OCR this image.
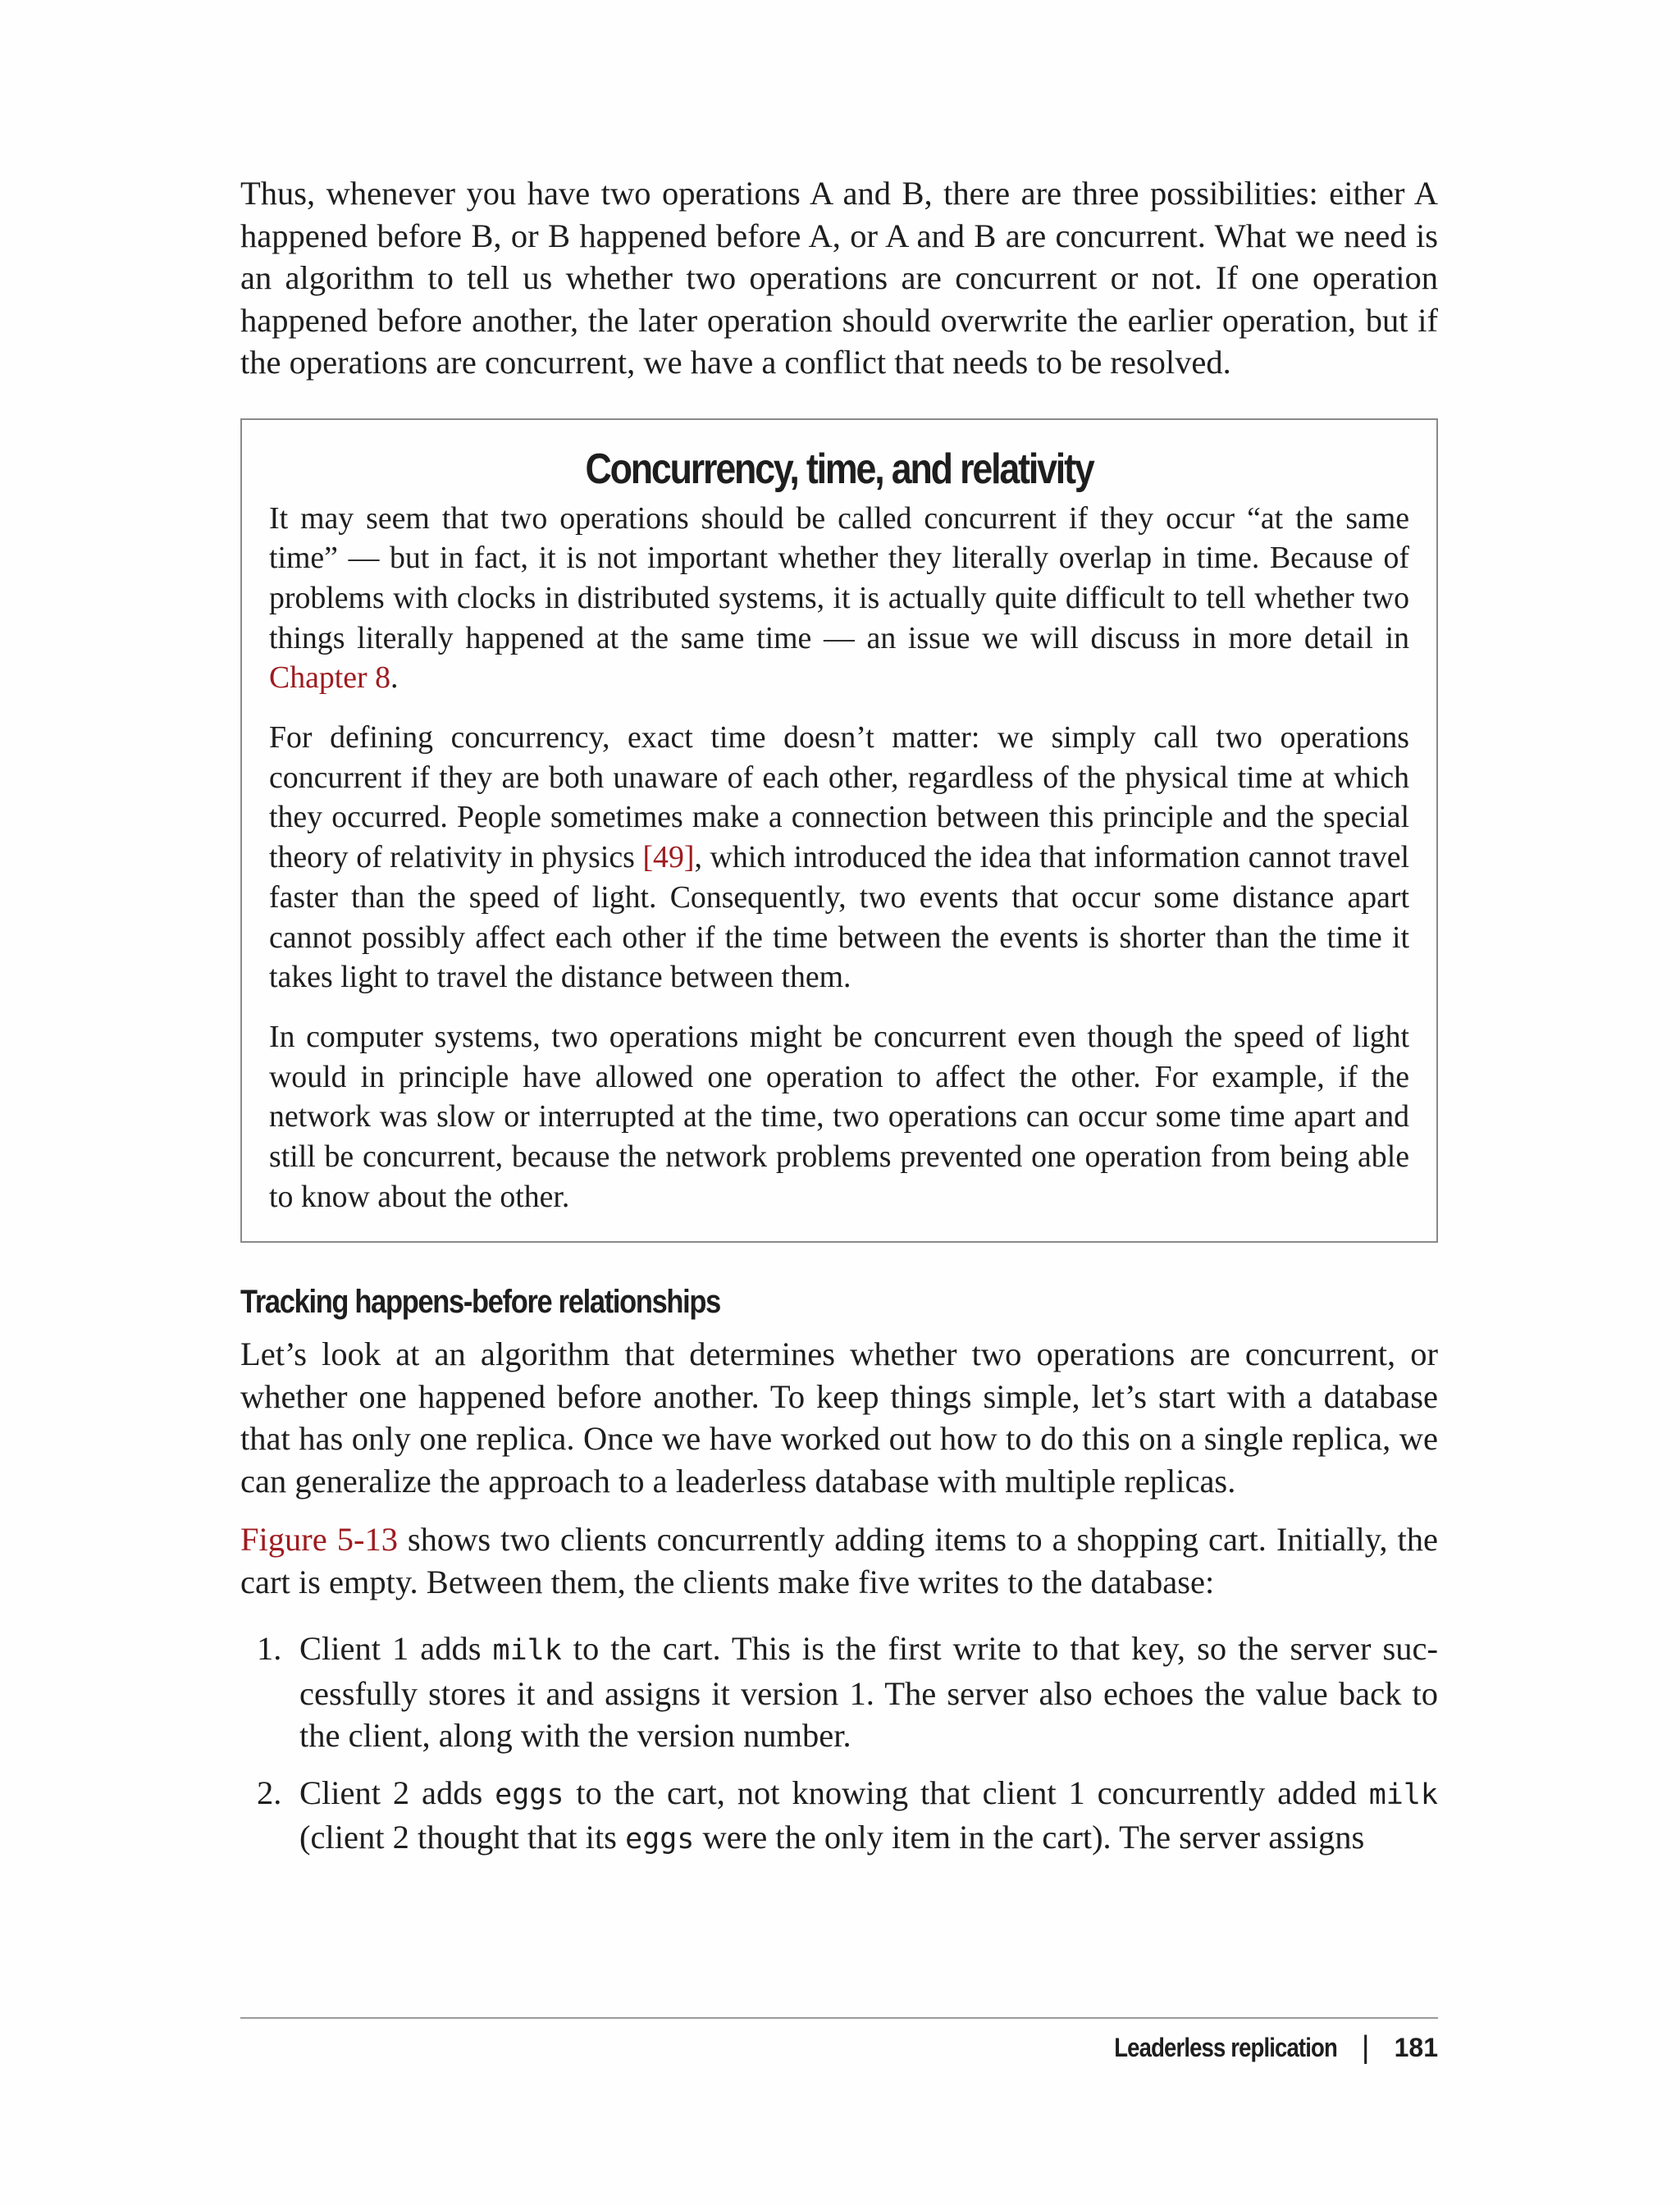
Thus, whenever you have two operations A and B, there are three possibilities: either A happened before B, or B happened before A, or A and B are concurrent. What we need is an algorithm to tell us whether two operations are concurrent or not. If one operation happened before another, the later operation should overwrite the earlier operation, but if the operations are concurrent, we have a conflict that needs to be resolved.

Concurrency, time, and relativity

It may seem that two operations should be called concurrent if they occur “at the same time” — but in fact, it is not important whether they literally overlap in time. Because of problems with clocks in distributed systems, it is actually quite difficult to tell whether two things literally happened at the same time — an issue we will discuss in more detail in Chapter 8.

For defining concurrency, exact time doesn’t matter: we simply call two operations concurrent if they are both unaware of each other, regardless of the physical time at which they occurred. People sometimes make a connection between this principle and the special theory of relativity in physics [49], which introduced the idea that information cannot travel faster than the speed of light. Consequently, two events that occur some distance apart cannot possibly affect each other if the time between the events is shorter than the time it takes light to travel the distance between them.

In computer systems, two operations might be concurrent even though the speed of light would in principle have allowed one operation to affect the other. For example, if the network was slow or interrupted at the time, two operations can occur some time apart and still be concurrent, because the network problems prevented one operation from being able to know about the other.

Tracking happens-before relationships

Let’s look at an algorithm that determines whether two operations are concurrent, or whether one happened before another. To keep things simple, let’s start with a database that has only one replica. Once we have worked out how to do this on a single replica, we can generalize the approach to a leaderless database with multiple replicas.

Figure 5-13 shows two clients concurrently adding items to a shopping cart. Initially, the cart is empty. Between them, the clients make five writes to the database:

1. Client 1 adds milk to the cart. This is the first write to that key, so the server successfully stores it and assigns it version 1. The server also echoes the value back to the client, along with the version number.
2. Client 2 adds eggs to the cart, not knowing that client 1 concurrently added milk (client 2 thought that its eggs were the only item in the cart). The server assigns
Leaderless replication | 181
